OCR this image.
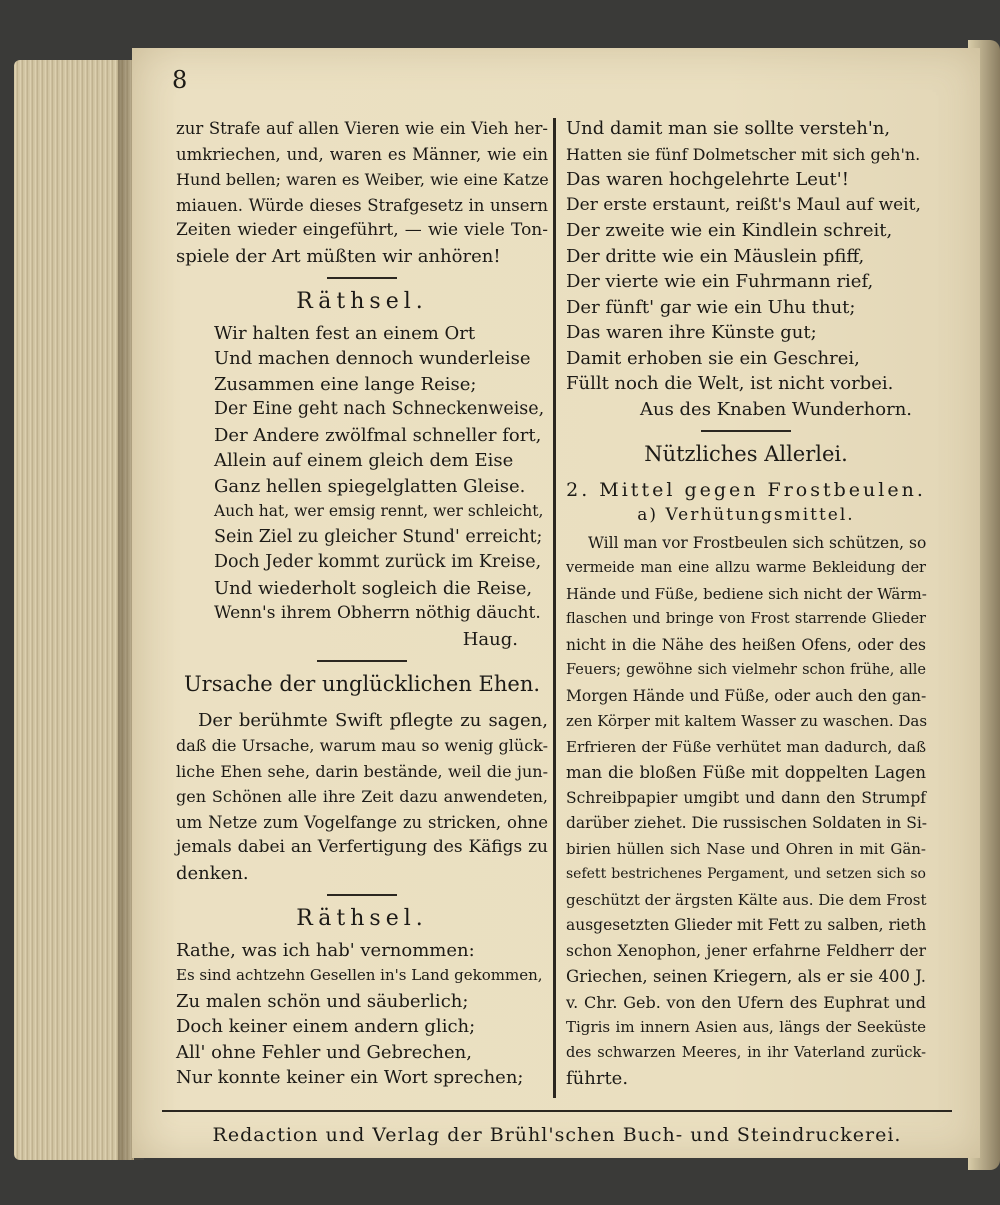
8
zur Strafe auf allen Vieren wie ein Vieh her-
umkriechen, und, waren es Männer, wie ein
Hund bellen; waren es Weiber, wie eine Katze
miauen. Würde dieses Strafgesetz in unsern
Zeiten wieder eingeführt, — wie viele Ton-
spiele der Art müßten wir anhören!
Räthsel.
Wir halten fest an einem Ort
Und machen dennoch wunderleise
Zusammen eine lange Reise;
Der Eine geht nach Schneckenweise,
Der Andere zwölfmal schneller fort,
Allein auf einem gleich dem Eise
Ganz hellen spiegelglatten Gleise.
Auch hat, wer emsig rennt, wer schleicht,
Sein Ziel zu gleicher Stund' erreicht;
Doch Jeder kommt zurück im Kreise,
Und wiederholt sogleich die Reise,
Wenn's ihrem Obherrn nöthig däucht.
Haug.
Ursache der unglücklichen Ehen.
Der berühmte Swift pflegte zu sagen,
daß die Ursache, warum mau so wenig glück-
liche Ehen sehe, darin bestände, weil die jun-
gen Schönen alle ihre Zeit dazu anwendeten,
um Netze zum Vogelfange zu stricken, ohne
jemals dabei an Verfertigung des Käfigs zu
denken.
Räthsel.
Rathe, was ich hab' vernommen:
Es sind achtzehn Gesellen in's Land gekommen,
Zu malen schön und säuberlich;
Doch keiner einem andern glich;
All' ohne Fehler und Gebrechen,
Nur konnte keiner ein Wort sprechen;
Und damit man sie sollte versteh'n,
Hatten sie fünf Dolmetscher mit sich geh'n.
Das waren hochgelehrte Leut'!
Der erste erstaunt, reißt's Maul auf weit,
Der zweite wie ein Kindlein schreit,
Der dritte wie ein Mäuslein pfiff,
Der vierte wie ein Fuhrmann rief,
Der fünft' gar wie ein Uhu thut;
Das waren ihre Künste gut;
Damit erhoben sie ein Geschrei,
Füllt noch die Welt, ist nicht vorbei.
Aus des Knaben Wunderhorn.
Nützliches Allerlei.
2. Mittel gegen Frostbeulen.
a) Verhütungsmittel.
Will man vor Frostbeulen sich schützen, so
vermeide man eine allzu warme Bekleidung der
Hände und Füße, bediene sich nicht der Wärm-
flaschen und bringe von Frost starrende Glieder
nicht in die Nähe des heißen Ofens, oder des
Feuers; gewöhne sich vielmehr schon frühe, alle
Morgen Hände und Füße, oder auch den gan-
zen Körper mit kaltem Wasser zu waschen. Das
Erfrieren der Füße verhütet man dadurch, daß
man die bloßen Füße mit doppelten Lagen
Schreibpapier umgibt und dann den Strumpf
darüber ziehet. Die russischen Soldaten in Si-
birien hüllen sich Nase und Ohren in mit Gän-
sefett bestrichenes Pergament, und setzen sich so
geschützt der ärgsten Kälte aus. Die dem Frost
ausgesetzten Glieder mit Fett zu salben, rieth
schon Xenophon, jener erfahrne Feldherr der
Griechen, seinen Kriegern, als er sie 400 J.
v. Chr. Geb. von den Ufern des Euphrat und
Tigris im innern Asien aus, längs der Seeküste
des schwarzen Meeres, in ihr Vaterland zurück-
führte.
Redaction und Verlag der Brühl'schen Buch- und Steindruckerei.
